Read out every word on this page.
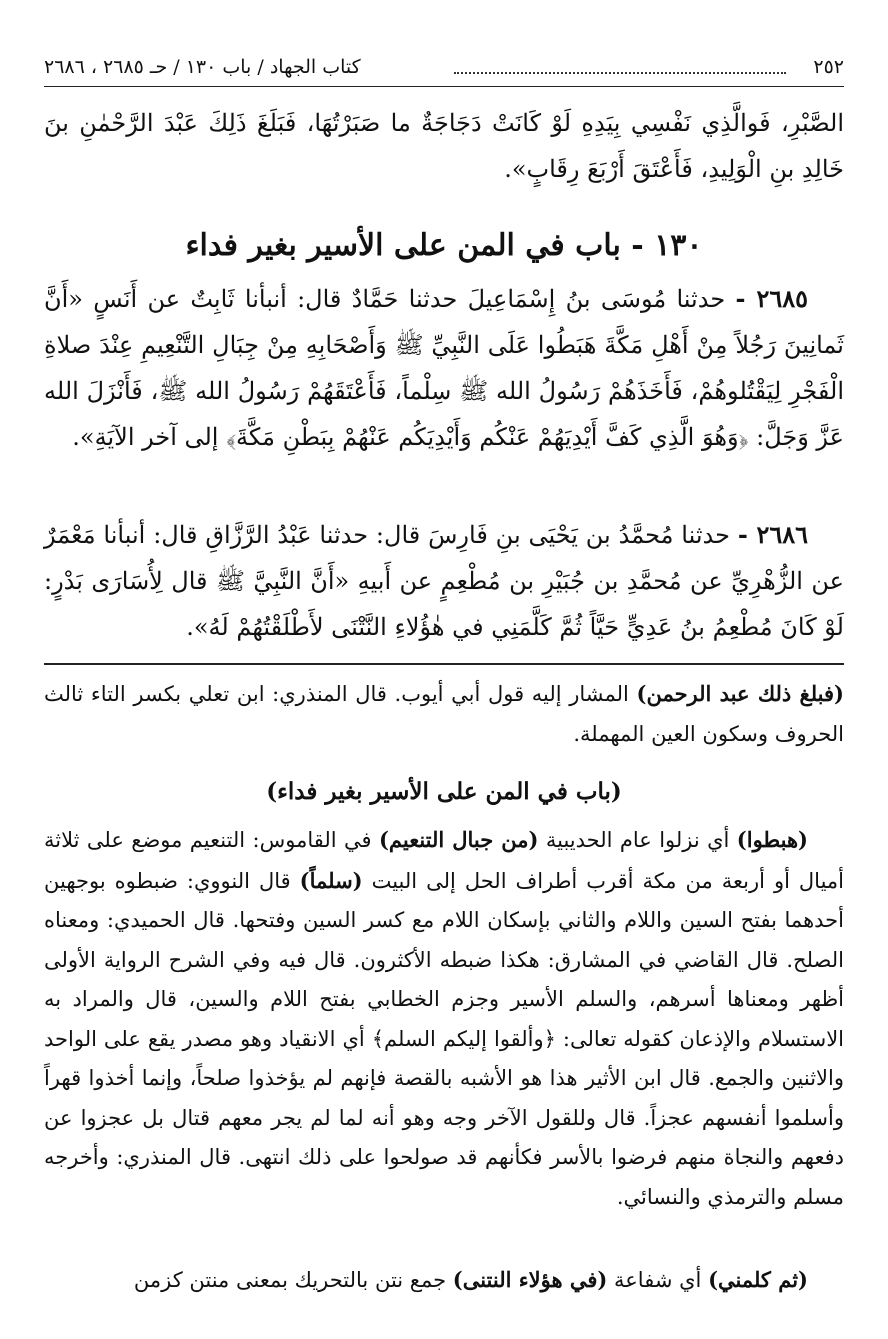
٢٥٢
كتاب الجهاد / باب ١٣٠ / حـ ٢٦٨٥ ، ٢٦٨٦
الصَّبْرِ، فَوالَّذِي نَفْسِي بِيَدِهِ لَوْ كَانَتْ دَجَاجَةٌ ما صَبَرْتُهَا، فَبَلَغَ ذَلِكَ عَبْدَ الرَّحْمٰنِ بنَ خَالِدِ بنِ الْوَلِيدِ، فَأَعْتَقَ أَرْبَعَ رِقَابٍ».
١٣٠ - باب في المن على الأسير بغير فداء
٢٦٨٥ - حدثنا مُوسَى بنُ إِسْمَاعِيلَ حدثنا حَمَّادٌ قال: أنبأنا ثَابِتٌ عن أَنَسٍ «أَنَّ ثَمانِينَ رَجُلاً مِنْ أَهْلِ مَكَّةَ هَبَطُوا عَلَى النَّبِيِّ ﷺ وَأَصْحَابِهِ مِنْ جِبَالِ التَّنْعِيمِ عِنْدَ صلاةِ الْفَجْرِ لِيَقْتُلوهُمْ، فَأَخَذَهُمْ رَسُولُ الله ﷺ سِلْماً، فَأَعْتَقَهُمْ رَسُولُ الله ﷺ، فَأَنْزَلَ الله عَزَّ وَجَلَّ: ﴿وَهُوَ الَّذِي كَفَّ أَيْدِيَهُمْ عَنْكُم وَأَيْدِيَكُم عَنْهُمْ بِبَطْنِ مَكَّةَ﴾ إلى آخر الآيَةِ».
٢٦٨٦ - حدثنا مُحمَّدُ بن يَحْيَى بنِ فَارِسَ قال: حدثنا عَبْدُ الرَّزَّاقِ قال: أنبأنا مَعْمَرٌ عن الزُّهْرِيِّ عن مُحمَّدِ بن جُبَيْرِ بن مُطْعِمٍ عن أَبيهِ «أَنَّ النَّبِيَّ ﷺ قال لِأُسَارَى بَدْرٍ: لَوْ كَانَ مُطْعِمُ بنُ عَدِيٍّ حَيَّاً ثُمَّ كَلَّمَنِي في هٰؤُلاءِ النَّتْنَى لأَطْلَقْتُهُمْ لَهُ».
(فبلغ ذلك عبد الرحمن) المشار إليه قول أبي أيوب. قال المنذري: ابن تعلي بكسر التاء ثالث الحروف وسكون العين المهملة.
(باب في المن على الأسير بغير فداء)
(هبطوا) أي نزلوا عام الحديبية (من جبال التنعيم) في القاموس: التنعيم موضع على ثلاثة أميال أو أربعة من مكة أقرب أطراف الحل إلى البيت (سلماً) قال النووي: ضبطوه بوجهين أحدهما بفتح السين واللام والثاني بإسكان اللام مع كسر السين وفتحها. قال الحميدي: ومعناه الصلح. قال القاضي في المشارق: هكذا ضبطه الأكثرون. قال فيه وفي الشرح الرواية الأولى أظهر ومعناها أسرهم، والسلم الأسير وجزم الخطابي بفتح اللام والسين، قال والمراد به الاستسلام والإذعان كقوله تعالى: ﴿وألقوا إليكم السلم﴾ أي الانقياد وهو مصدر يقع على الواحد والاثنين والجمع. قال ابن الأثير هذا هو الأشبه بالقصة فإنهم لم يؤخذوا صلحاً، وإنما أخذوا قهراً وأسلموا أنفسهم عجزاً. قال وللقول الآخر وجه وهو أنه لما لم يجر معهم قتال بل عجزوا عن دفعهم والنجاة منهم فرضوا بالأسر فكأنهم قد صولحوا على ذلك انتهى. قال المنذري: وأخرجه مسلم والترمذي والنسائي.
(ثم كلمني) أي شفاعة (في هؤلاء النتنى) جمع نتن بالتحريك بمعنى منتن كزمن
